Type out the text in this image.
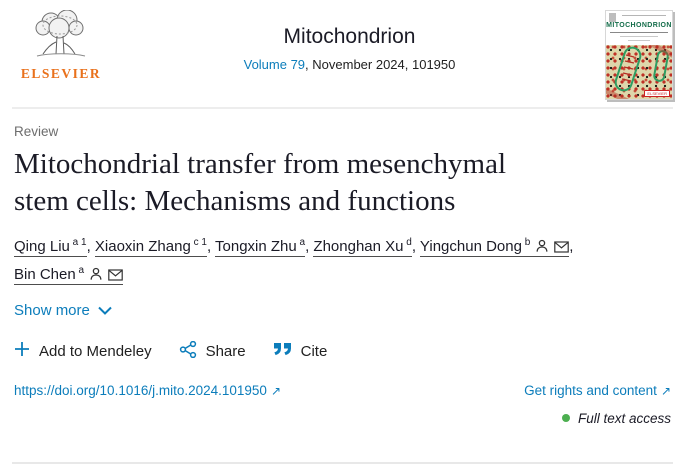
ELSEVIER
Mitochondrion
Volume 79, November 2024, 101950
MITOCHONDRION
ELSEVIER
Review
Mitochondrial transfer from mesenchymal
stem cells: Mechanisms and functions
Qing Liu $^{a 1}$, Xiaoxin Zhang $^{c 1}$, Tongxin Zhu $^a$, Zhonghan Xu $^d$, Yingchun Dong $^b$	, Bin Chen $^a$
Show more
Add to Mendeley	Share	Cite
https://doi.org/10.1016/j.mito.2024.101950 ↗	Get rights and content ↗
Full text access
